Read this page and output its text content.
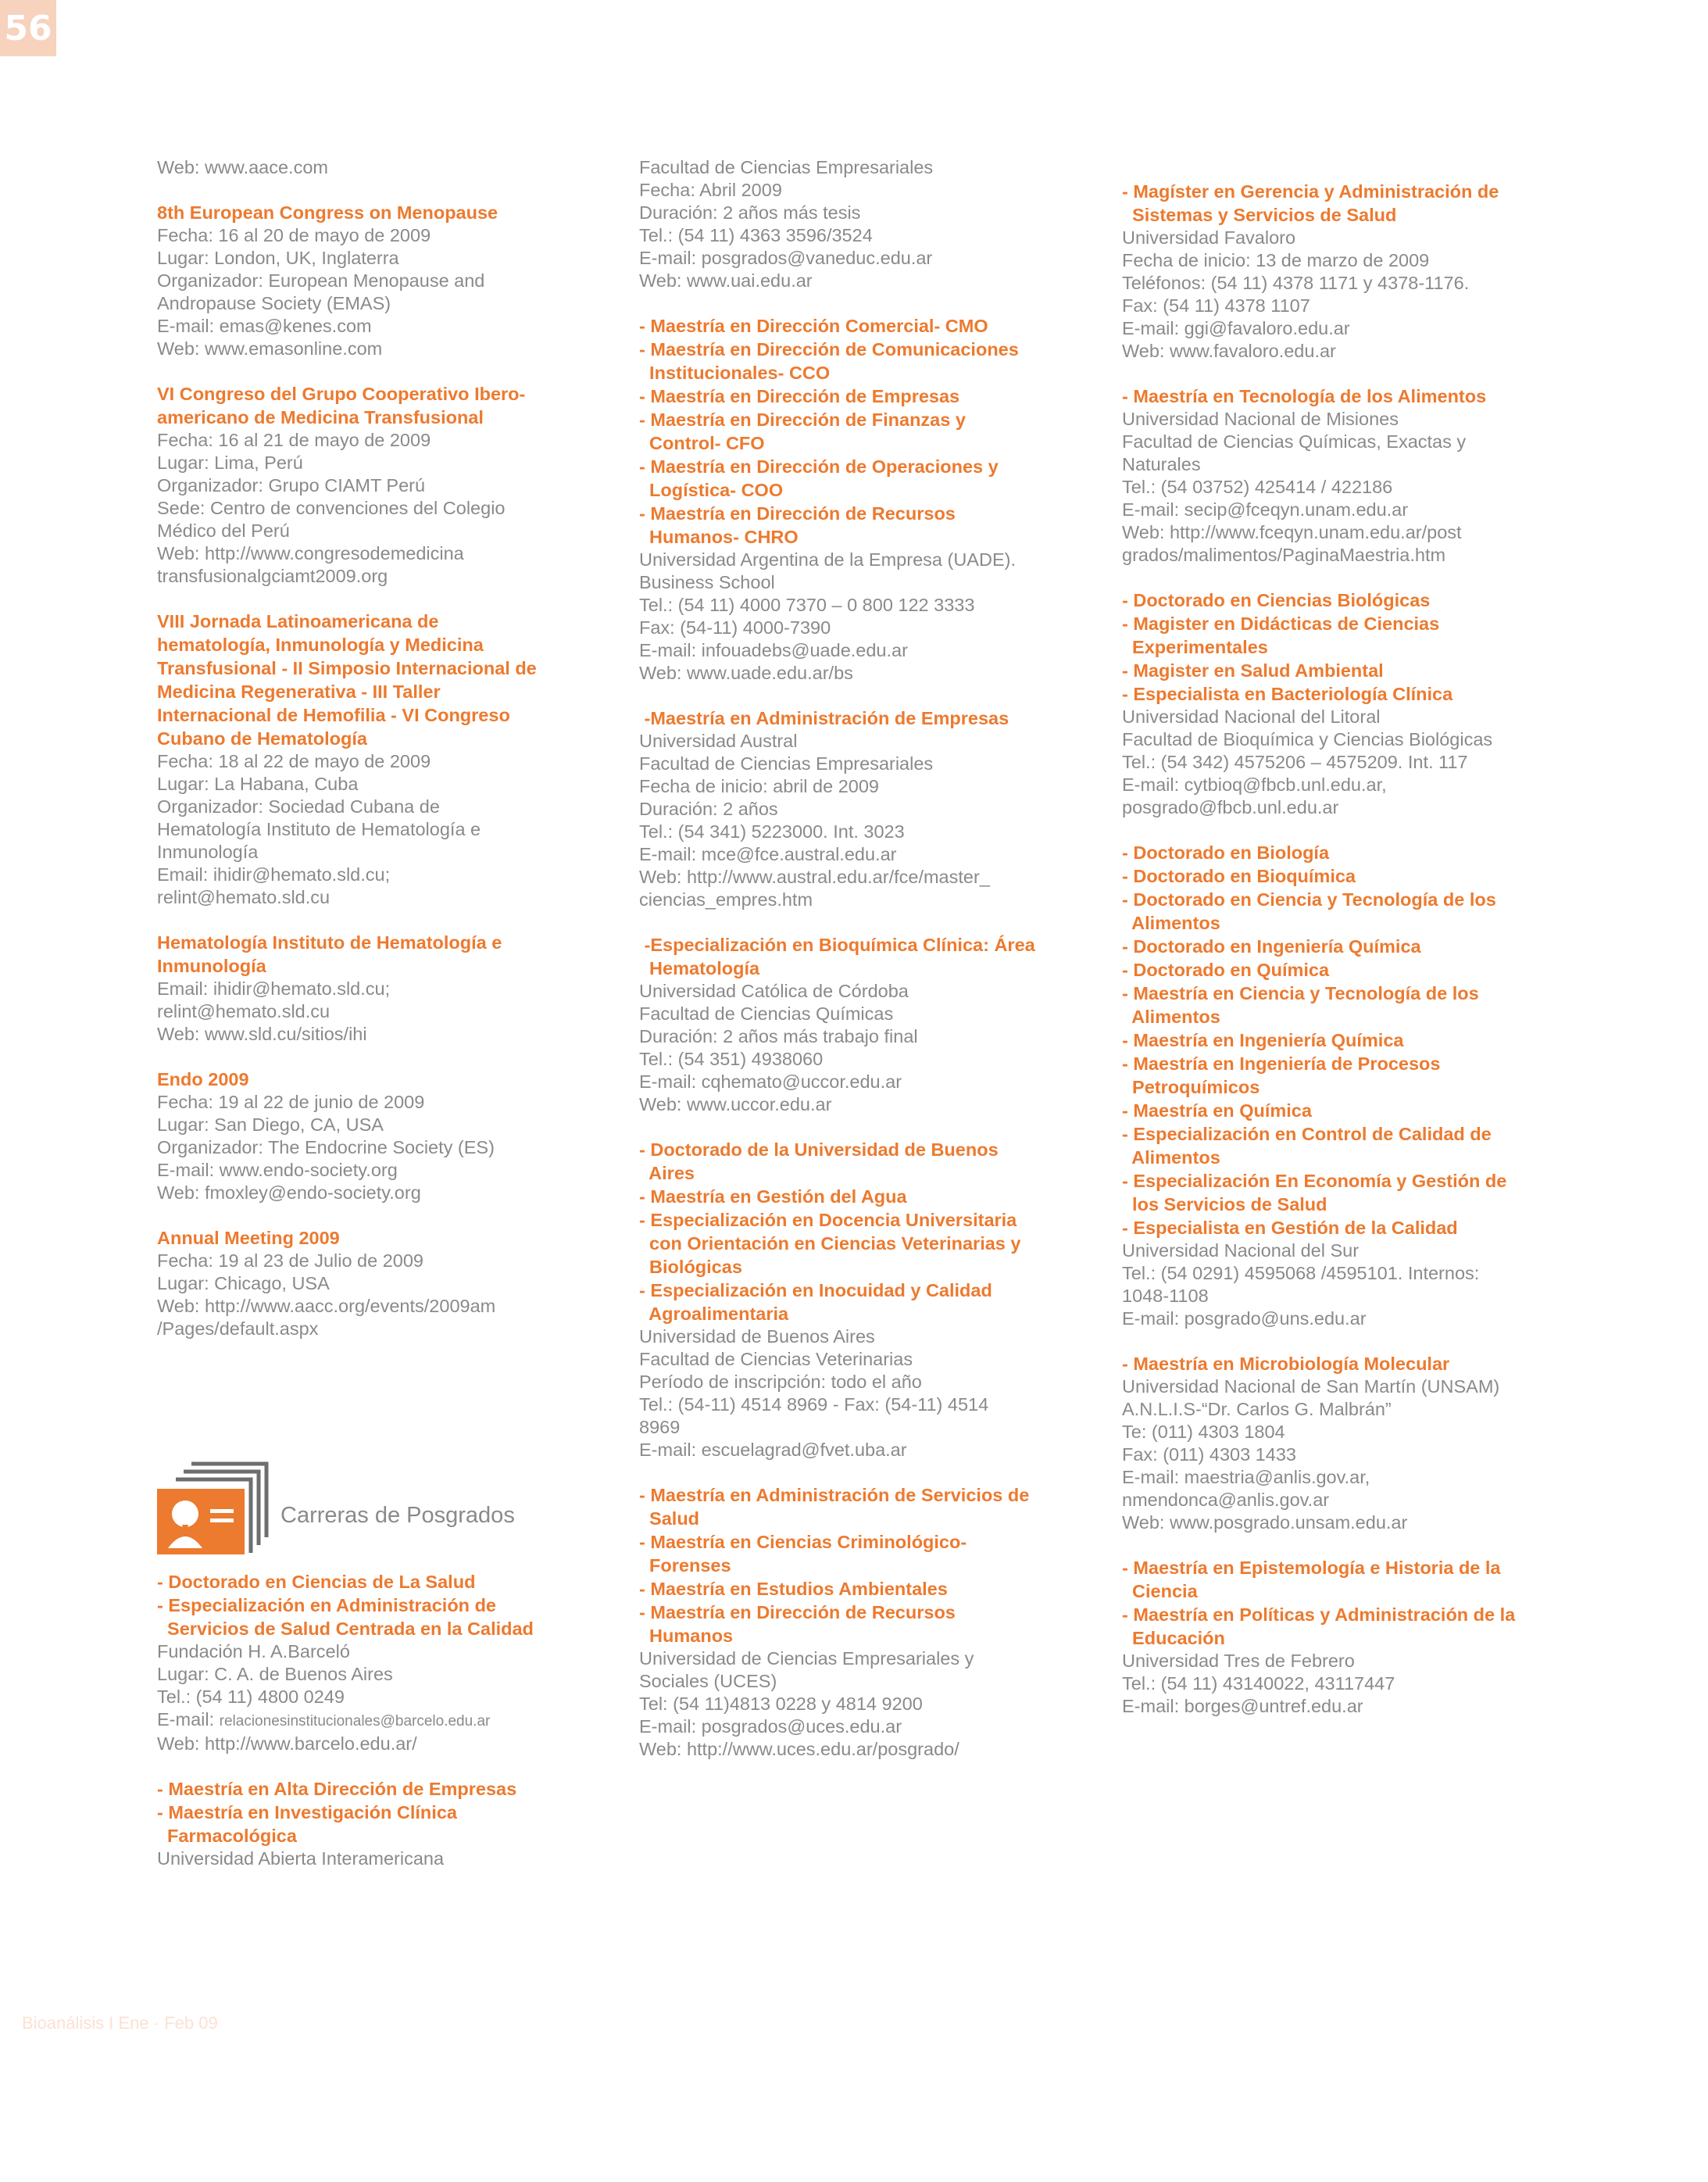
56
Web: www.aace.com
8th European Congress on Menopause
Fecha: 16 al 20 de mayo de 2009
Lugar: London, UK, Inglaterra
Organizador: European Menopause and
Andropause Society (EMAS)
E-mail: emas@kenes.com
Web: www.emasonline.com
VI Congreso del Grupo Cooperativo Ibero-
americano de Medicina Transfusional
Fecha: 16 al 21 de mayo de 2009
Lugar: Lima, Perú
Organizador: Grupo CIAMT Perú
Sede: Centro de convenciones del Colegio
Médico del Perú
Web: http://www.congresodemedicina
transfusionalgciamt2009.org
VIII Jornada Latinoamericana de
hematología, Inmunología y Medicina
Transfusional - II Simposio Internacional de
Medicina Regenerativa - III Taller
Internacional de Hemofilia - VI Congreso
Cubano de Hematología
Fecha: 18 al 22 de mayo de 2009
Lugar: La Habana, Cuba
Organizador: Sociedad Cubana de
Hematología Instituto de Hematología e
Inmunología
Email: ihidir@hemato.sld.cu;
relint@hemato.sld.cu
Hematología Instituto de Hematología e
Inmunología
Email: ihidir@hemato.sld.cu;
relint@hemato.sld.cu
Web: www.sld.cu/sitios/ihi
Endo 2009
Fecha: 19 al 22 de junio de 2009
Lugar: San Diego, CA, USA
Organizador: The Endocrine Society (ES)
E-mail: www.endo-society.org
Web: fmoxley@endo-society.org
Annual Meeting 2009
Fecha: 19 al 23 de Julio de 2009
Lugar: Chicago, USA
Web: http://www.aacc.org/events/2009am
/Pages/default.aspx
Carreras de Posgrados
- Doctorado en Ciencias de La Salud
- Especialización en Administración de
Servicios de Salud Centrada en la Calidad
Fundación H. A.Barceló
Lugar: C. A. de Buenos Aires
Tel.: (54 11) 4800 0249
E-mail: relacionesinstitucionales@barcelo.edu.ar
Web: http://www.barcelo.edu.ar/
- Maestría en Alta Dirección de Empresas
- Maestría en Investigación Clínica
Farmacológica
Universidad Abierta Interamericana
Facultad de Ciencias Empresariales
Fecha: Abril 2009
Duración: 2 años más tesis
Tel.: (54 11) 4363 3596/3524
E-mail: posgrados@vaneduc.edu.ar
Web: www.uai.edu.ar
- Maestría en Dirección Comercial- CMO
- Maestría en Dirección de Comunicaciones
Institucionales- CCO
- Maestría en Dirección de Empresas
- Maestría en Dirección de Finanzas y
Control- CFO
- Maestría en Dirección de Operaciones y
Logística- COO
- Maestría en Dirección de Recursos
Humanos- CHRO
Universidad Argentina de la Empresa (UADE).
Business School
Tel.: (54 11) 4000 7370 – 0 800 122 3333
Fax: (54-11) 4000-7390
E-mail: infouadebs@uade.edu.ar
Web: www.uade.edu.ar/bs
-Maestría en Administración de Empresas
Universidad Austral
Facultad de Ciencias Empresariales
Fecha de inicio: abril de 2009
Duración: 2 años
Tel.: (54 341) 5223000. Int. 3023
E-mail: mce@fce.austral.edu.ar
Web: http://www.austral.edu.ar/fce/master_
ciencias_empres.htm
-Especialización en Bioquímica Clínica: Área
Hematología
Universidad Católica de Córdoba
Facultad de Ciencias Químicas
Duración: 2 años más trabajo final
Tel.: (54 351) 4938060
E-mail: cqhemato@uccor.edu.ar
Web: www.uccor.edu.ar
- Doctorado de la Universidad de Buenos
Aires
- Maestría en Gestión del Agua
- Especialización en Docencia Universitaria
con Orientación en Ciencias Veterinarias y
Biológicas
- Especialización en Inocuidad y Calidad
Agroalimentaria
Universidad de Buenos Aires
Facultad de Ciencias Veterinarias
Período de inscripción: todo el año
Tel.: (54-11) 4514 8969 - Fax: (54-11) 4514
8969
E-mail: escuelagrad@fvet.uba.ar
- Maestría en Administración de Servicios de
Salud
- Maestría en Ciencias Criminológico-
Forenses
- Maestría en Estudios Ambientales
- Maestría en Dirección de Recursos
Humanos
Universidad de Ciencias Empresariales y
Sociales (UCES)
Tel: (54 11)4813 0228 y 4814 9200
E-mail: posgrados@uces.edu.ar
Web: http://www.uces.edu.ar/posgrado/
- Magíster en Gerencia y Administración de
Sistemas y Servicios de Salud
Universidad Favaloro
Fecha de inicio: 13 de marzo de 2009
Teléfonos: (54 11) 4378 1171 y 4378-1176.
Fax: (54 11) 4378 1107
E-mail: ggi@favaloro.edu.ar
Web: www.favaloro.edu.ar
- Maestría en Tecnología de los Alimentos
Universidad Nacional de Misiones
Facultad de Ciencias Químicas, Exactas y
Naturales
Tel.: (54 03752) 425414 / 422186
E-mail: secip@fceqyn.unam.edu.ar
Web: http://www.fceqyn.unam.edu.ar/post
grados/malimentos/PaginaMaestria.htm
- Doctorado en Ciencias Biológicas
- Magister en Didácticas de Ciencias
Experimentales
- Magister en Salud Ambiental
- Especialista en Bacteriología Clínica
Universidad Nacional del Litoral
Facultad de Bioquímica y Ciencias Biológicas
Tel.: (54 342) 4575206 – 4575209. Int. 117
E-mail: cytbioq@fbcb.unl.edu.ar,
posgrado@fbcb.unl.edu.ar
- Doctorado en Biología
- Doctorado en Bioquímica
- Doctorado en Ciencia y Tecnología de los
Alimentos
- Doctorado en Ingeniería Química
- Doctorado en Química
- Maestría en Ciencia y Tecnología de los
Alimentos
- Maestría en Ingeniería Química
- Maestría en Ingeniería de Procesos
Petroquímicos
- Maestría en Química
- Especialización en Control de Calidad de
Alimentos
- Especialización En Economía y Gestión de
los Servicios de Salud
- Especialista en Gestión de la Calidad
Universidad Nacional del Sur
Tel.: (54 0291) 4595068 /4595101. Internos:
1048-1108
E-mail: posgrado@uns.edu.ar
- Maestría en Microbiología Molecular
Universidad Nacional de San Martín (UNSAM)
A.N.L.I.S-“Dr. Carlos G. Malbrán”
Te: (011) 4303 1804
Fax: (011) 4303 1433
E-mail: maestria@anlis.gov.ar,
nmendonca@anlis.gov.ar
Web: www.posgrado.unsam.edu.ar
- Maestría en Epistemología e Historia de la
Ciencia
- Maestría en Políticas y Administración de la
Educación
Universidad Tres de Febrero
Tel.: (54 11) 43140022, 43117447
E-mail: borges@untref.edu.ar
Bioanálisis I Ene · Feb 09
